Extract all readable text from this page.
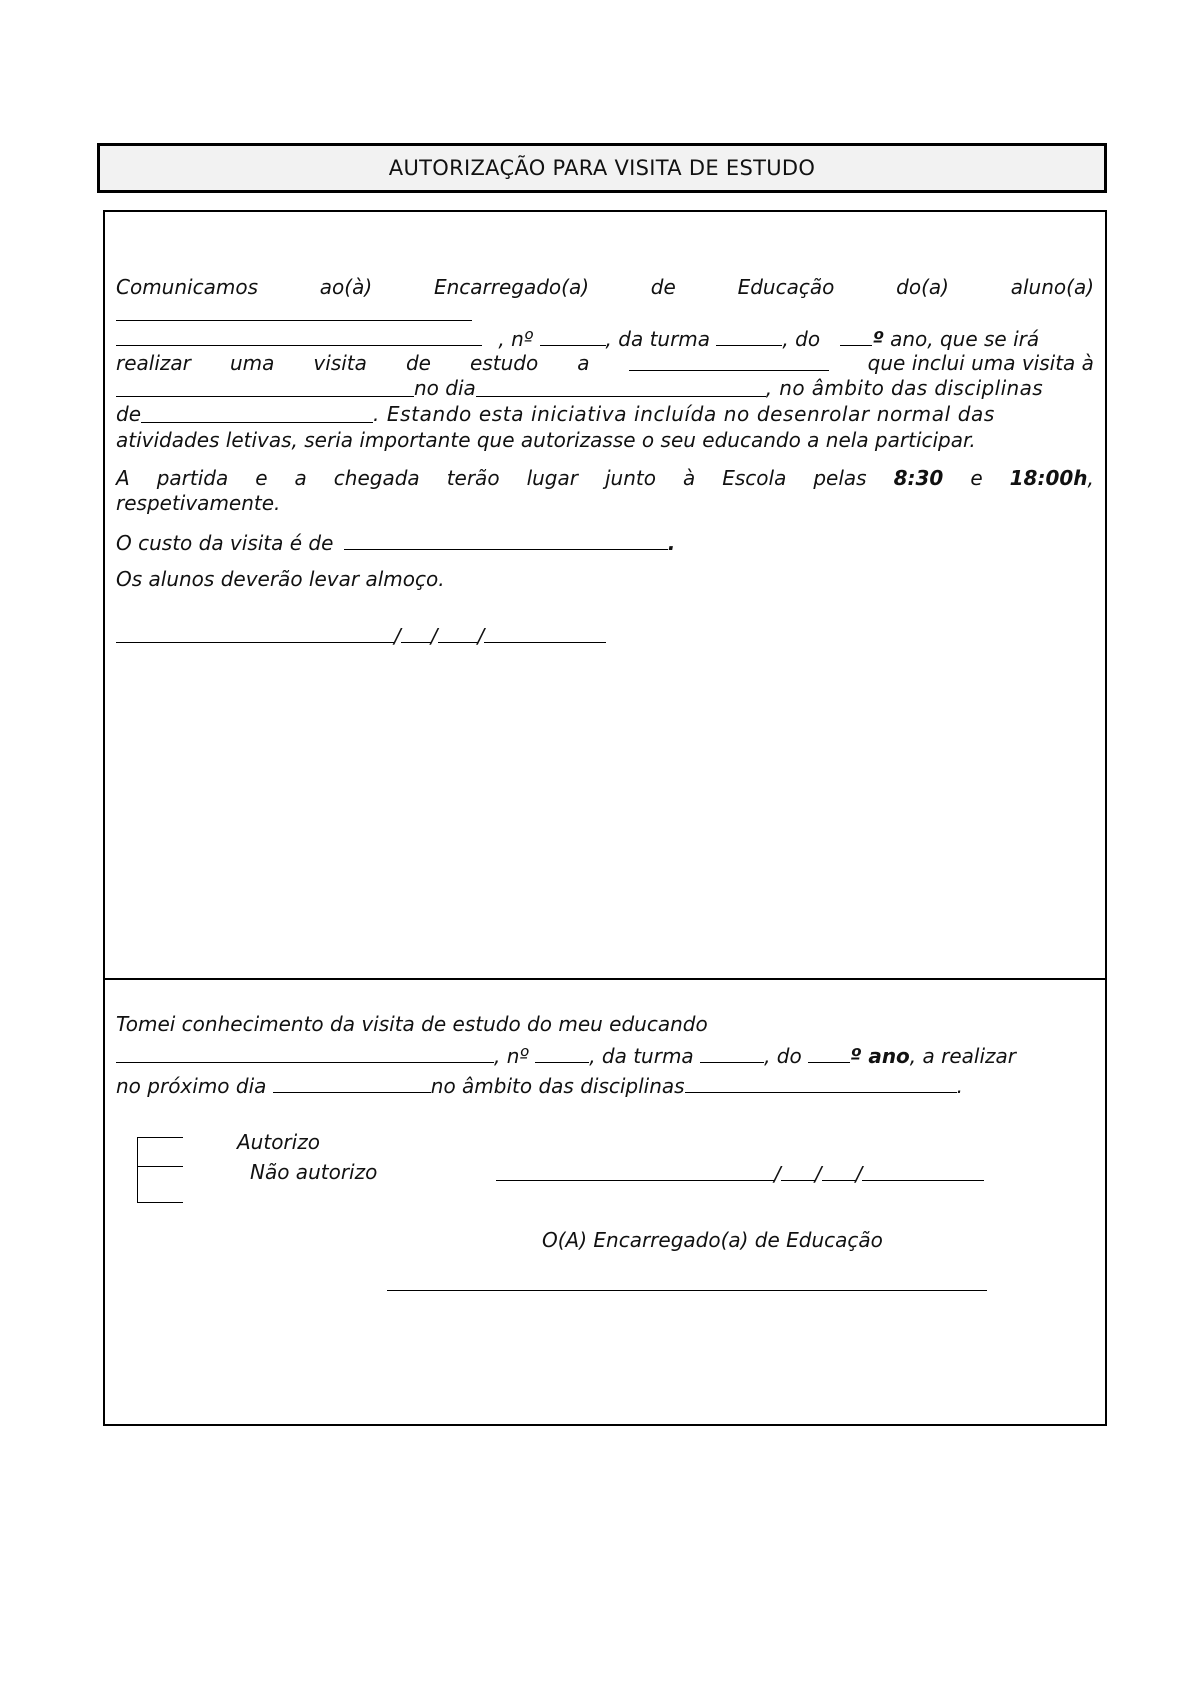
AUTORIZAÇÃO PARA VISITA DE ESTUDO
Comunicamos	ao(à)	Encarregado(a)	de	Educação	do(a)	aluno(a)
, nº	, da turma	, do	º ano, que se irá
realizar uma visita de estudo a	que inclui uma visita à
no dia	, no âmbito das disciplinas
de	. Estando esta iniciativa incluída no desenrolar normal das
atividades letivas, seria importante que autorizasse o seu educando a nela participar.
A partida e a chegada terão lugar junto à Escola pelas 8:30 e 18:00h,
respetivamente.
O custo da visita é de	.
Os alunos deverão levar almoço.
/ / /
Tomei conhecimento da visita de estudo do meu educando
, nº	, da turma	, do º ano, a realizar
no próximo dia	no âmbito das disciplinas	.
Autorizo
Não autorizo	/ / /
O(A) Encarregado(a) de Educação
